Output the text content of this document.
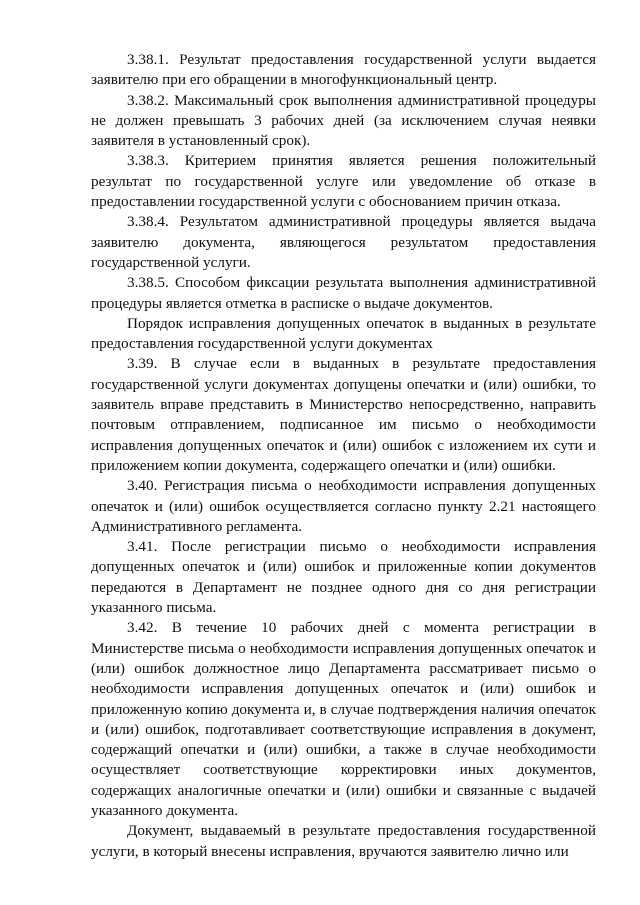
3.38.1. Результат предоставления государственной услуги выдается заявителю при его обращении в многофункциональный центр.

3.38.2. Максимальный срок выполнения административной процедуры не должен превышать 3 рабочих дней (за исключением случая неявки заявителя в установленный срок).

3.38.3. Критерием принятия является решения положительный результат по государственной услуге или уведомление об отказе в предоставлении государственной услуги с обоснованием причин отказа.

3.38.4. Результатом административной процедуры является выдача заявителю документа, являющегося результатом предоставления государственной услуги.

3.38.5. Способом фиксации результата выполнения административной процедуры является отметка в расписке о выдаче документов.

Порядок исправления допущенных опечаток в выданных в результате предоставления государственной услуги документах

3.39. В случае если в выданных в результате предоставления государственной услуги документах допущены опечатки и (или) ошибки, то заявитель вправе представить в Министерство непосредственно, направить почтовым отправлением, подписанное им письмо о необходимости исправления допущенных опечаток и (или) ошибок с изложением их сути и приложением копии документа, содержащего опечатки и (или) ошибки.

3.40. Регистрация письма о необходимости исправления допущенных опечаток и (или) ошибок осуществляется согласно пункту 2.21 настоящего Административного регламента.

3.41. После регистрации письмо о необходимости исправления допущенных опечаток и (или) ошибок и приложенные копии документов передаются в Департамент не позднее одного дня со дня регистрации указанного письма.

3.42. В течение 10 рабочих дней с момента регистрации в Министерстве письма о необходимости исправления допущенных опечаток и (или) ошибок должностное лицо Департамента рассматривает письмо о необходимости исправления допущенных опечаток и (или) ошибок и приложенную копию документа и, в случае подтверждения наличия опечаток и (или) ошибок, подготавливает соответствующие исправления в документ, содержащий опечатки и (или) ошибки, а также в случае необходимости осуществляет соответствующие корректировки иных документов, содержащих аналогичные опечатки и (или) ошибки и связанные с выдачей указанного документа.

Документ, выдаваемый в результате предоставления государственной услуги, в который внесены исправления, вручаются заявителю лично или
